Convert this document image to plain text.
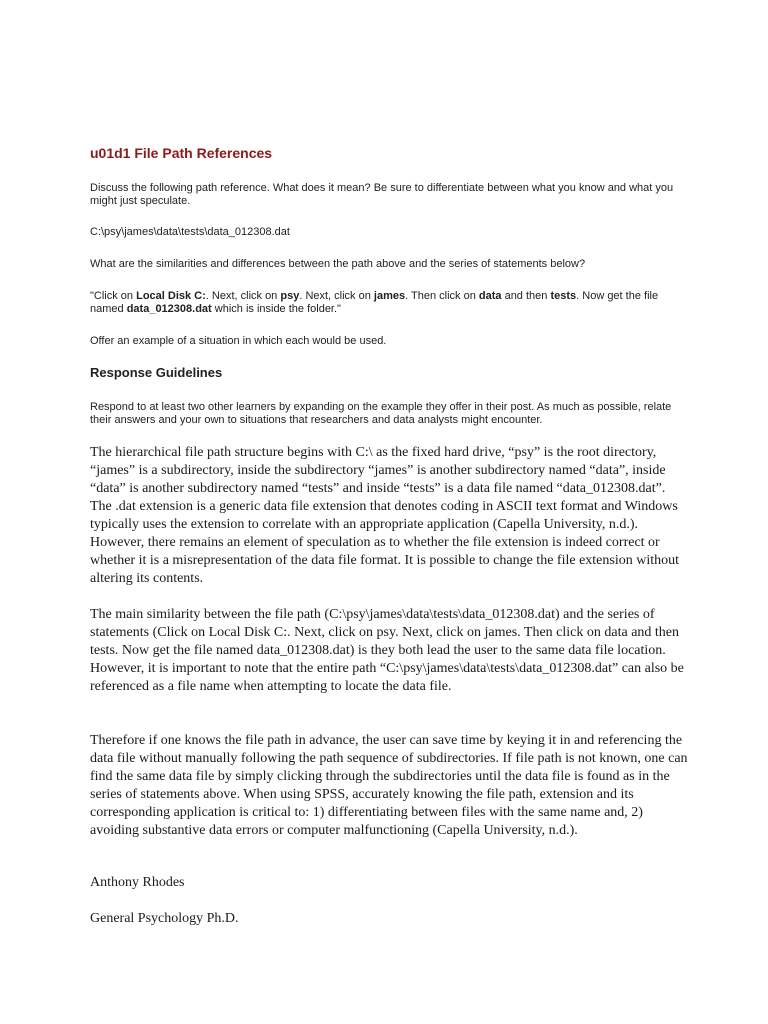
u01d1 File Path References

Discuss the following path reference. What does it mean? Be sure to differentiate between what you know and what you might just speculate.

C:\psy\james\data\tests\data_012308.dat

What are the similarities and differences between the path above and the series of statements below?

"Click on Local Disk C:. Next, click on psy. Next, click on james. Then click on data and then tests. Now get the file named data_012308.dat which is inside the folder."

Offer an example of a situation in which each would be used.

Response Guidelines

Respond to at least two other learners by expanding on the example they offer in their post. As much as possible, relate their answers and your own to situations that researchers and data analysts might encounter.

The hierarchical file path structure begins with C:\ as the fixed hard drive, “psy” is the root directory, “james” is a subdirectory, inside the subdirectory “james” is another subdirectory named “data”, inside “data” is another subdirectory named “tests” and inside “tests” is a data file named “data_012308.dat”. The .dat extension is a generic data file extension that denotes coding in ASCII text format and Windows typically uses the extension to correlate with an appropriate application (Capella University, n.d.). However, there remains an element of speculation as to whether the file extension is indeed correct or whether it is a misrepresentation of the data file format. It is possible to change the file extension without altering its contents.

The main similarity between the file path (C:\psy\james\data\tests\data_012308.dat) and the series of statements (Click on Local Disk C:. Next, click on psy. Next, click on james. Then click on data and then tests. Now get the file named data_012308.dat) is they both lead the user to the same data file location. However, it is important to note that the entire path “C:\psy\james\data\tests\data_012308.dat” can also be referenced as a file name when attempting to locate the data file.

Therefore if one knows the file path in advance, the user can save time by keying it in and referencing the data file without manually following the path sequence of subdirectories. If file path is not known, one can find the same data file by simply clicking through the subdirectories until the data file is found as in the series of statements above. When using SPSS, accurately knowing the file path, extension and its corresponding application is critical to: 1) differentiating between files with the same name and, 2) avoiding substantive data errors or computer malfunctioning (Capella University, n.d.).

Anthony Rhodes

General Psychology Ph.D.
